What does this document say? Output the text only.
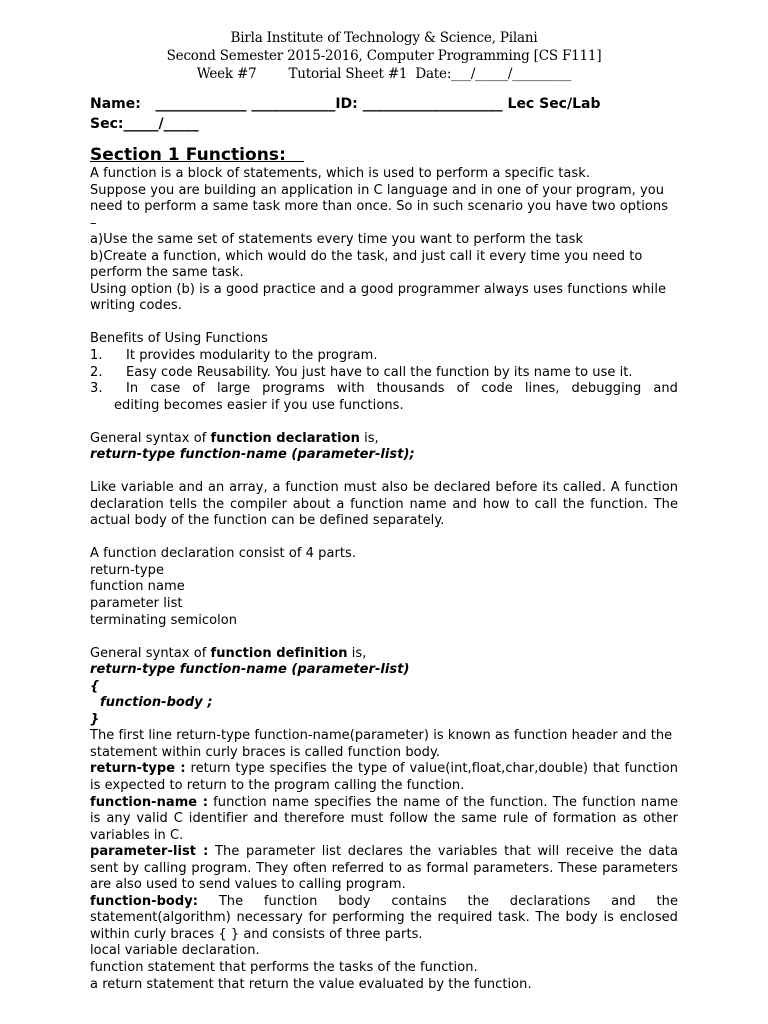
Birla Institute of Technology & Science, Pilani
Second Semester 2015-2016, Computer Programming [CS F111]
Week #7 Tutorial Sheet #1 Date:___/_____/_________
Name:   _____________ ____________ID: ____________________ Lec Sec/Lab
Sec:_____/_____
Section 1 Functions:

A function is a block of statements, which is used to perform a specific task.

Suppose you are building an application in C language and in one of your program, you need to perform a same task more than once. So in such scenario you have two options –

a)Use the same set of statements every time you want to perform the task

b)Create a function, which would do the task, and just call it every time you need to perform the same task.

Using option (b) is a good practice and a good programmer always uses functions while writing codes.

Benefits of Using Functions

1.	It provides modularity to the program.
2.	Easy code Reusability. You just have to call the function by its name to use it.
3.	In case of large programs with thousands of code lines, debugging and

editing becomes easier if you use functions.

General syntax of function declaration is,

return-type function-name (parameter-list);

Like variable and an array, a function must also be declared before its called. A function declaration tells the compiler about a function name and how to call the function. The actual body of the function can be defined separately.

A function declaration consist of 4 parts.

return-type

function name

parameter list

terminating semicolon

General syntax of function definition is,

return-type function-name (parameter-list)

{

function-body ;

}

The first line return-type function-name(parameter) is known as function header and the statement within curly braces is called function body.

return-type : return type specifies the type of value(int,float,char,double) that function is expected to return to the program calling the function.

function-name : function name specifies the name of the function. The function name is any valid C identifier and therefore must follow the same rule of formation as other variables in C.

parameter-list : The parameter list declares the variables that will receive the data sent by calling program. They often referred to as formal parameters. These parameters are also used to send values to calling program.

function-body: The function body contains the declarations and the statement(algorithm) necessary for performing the required task. The body is enclosed within curly braces { } and consists of three parts.

local variable declaration.

function statement that performs the tasks of the function.

a return statement that return the value evaluated by the function.
